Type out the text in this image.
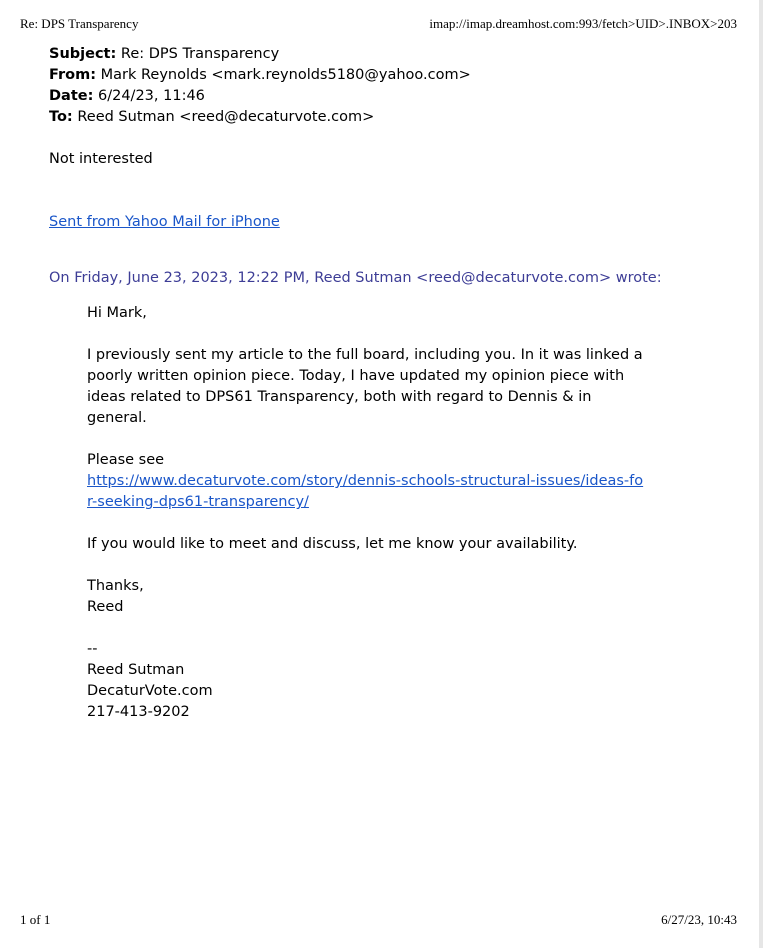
Re: DPS Transparency	imap://imap.dreamhost.com:993/fetch>UID>.INBOX>203
Subject: Re: DPS Transparency
From: Mark Reynolds <mark.reynolds5180@yahoo.com>
Date: 6/24/23, 11:46
To: Reed Sutman <reed@decaturvote.com>
Not interested
Sent from Yahoo Mail for iPhone
On Friday, June 23, 2023, 12:22 PM, Reed Sutman <reed@decaturvote.com> wrote:
Hi Mark,
I previously sent my article to the full board, including you. In it was linked a poorly written opinion piece. Today, I have updated my opinion piece with ideas related to DPS61 Transparency, both with regard to Dennis & in general.
Please see
https://www.decaturvote.com/story/dennis-schools-structural-issues/ideas-for-seeking-dps61-transparency/
If you would like to meet and discuss, let me know your availability.
Thanks,
Reed
--
Reed Sutman
DecaturVote.com
217-413-9202
1 of 1	6/27/23, 10:43
